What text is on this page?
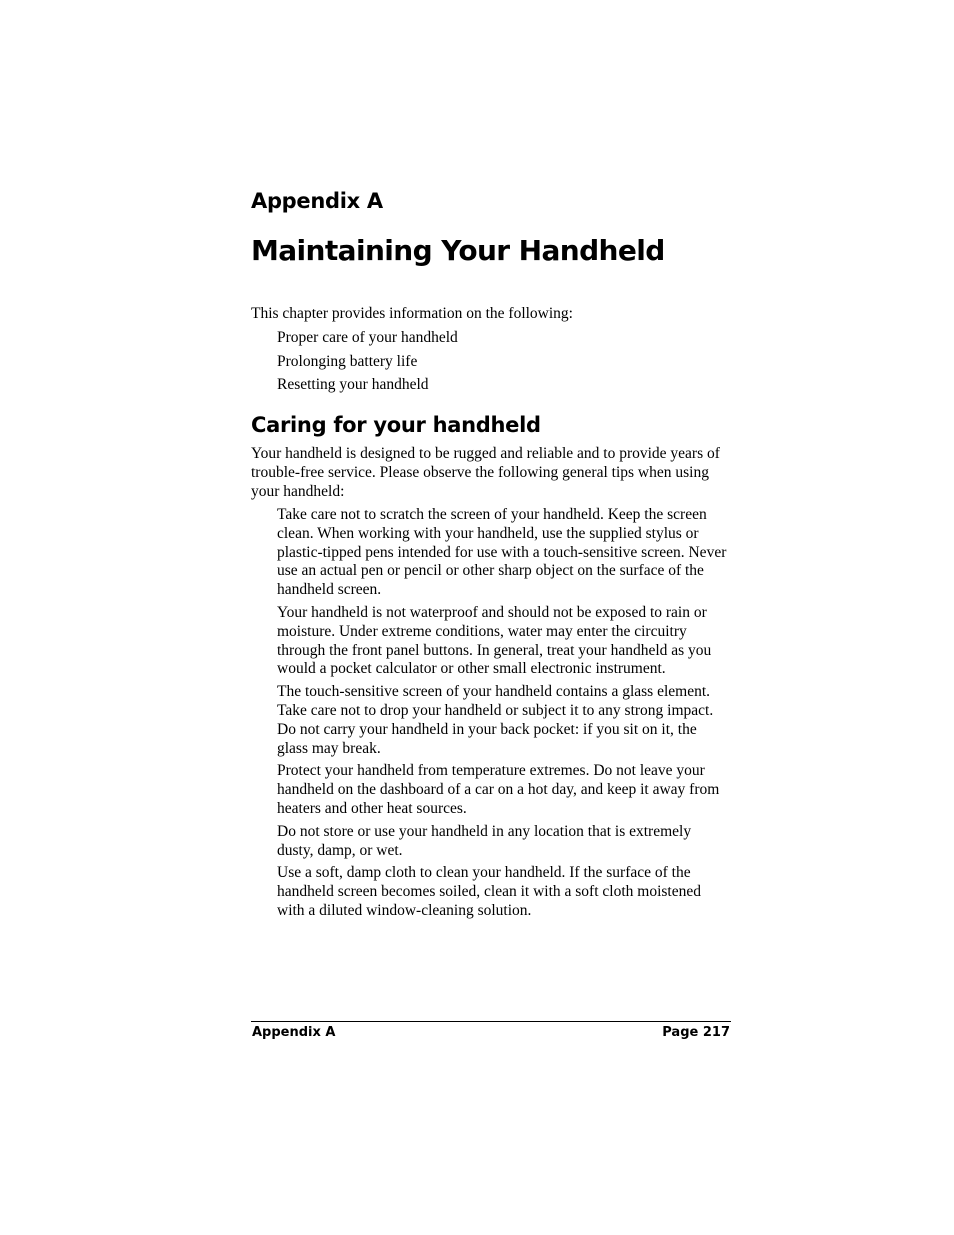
Appendix A
Maintaining Your Handheld
This chapter provides information on the following:
Proper care of your handheld
Prolonging battery life
Resetting your handheld
Caring for your handheld

Your handheld is designed to be rugged and reliable and to provide years of trouble-free service. Please observe the following general tips when using your handheld:

Take care not to scratch the screen of your handheld. Keep the screen clean. When working with your handheld, use the supplied stylus or plastic-tipped pens intended for use with a touch-sensitive screen. Never use an actual pen or pencil or other sharp object on the surface of the handheld screen.
Your handheld is not waterproof and should not be exposed to rain or moisture. Under extreme conditions, water may enter the circuitry through the front panel buttons. In general, treat your handheld as you would a pocket calculator or other small electronic instrument.
The touch-sensitive screen of your handheld contains a glass element. Take care not to drop your handheld or subject it to any strong impact. Do not carry your handheld in your back pocket: if you sit on it, the glass may break.
Protect your handheld from temperature extremes. Do not leave your handheld on the dashboard of a car on a hot day, and keep it away from heaters and other heat sources.
Do not store or use your handheld in any location that is extremely dusty, damp, or wet.
Use a soft, damp cloth to clean your handheld. If the surface of the handheld screen becomes soiled, clean it with a soft cloth moistened with a diluted window-cleaning solution.
Appendix A	Page 217
